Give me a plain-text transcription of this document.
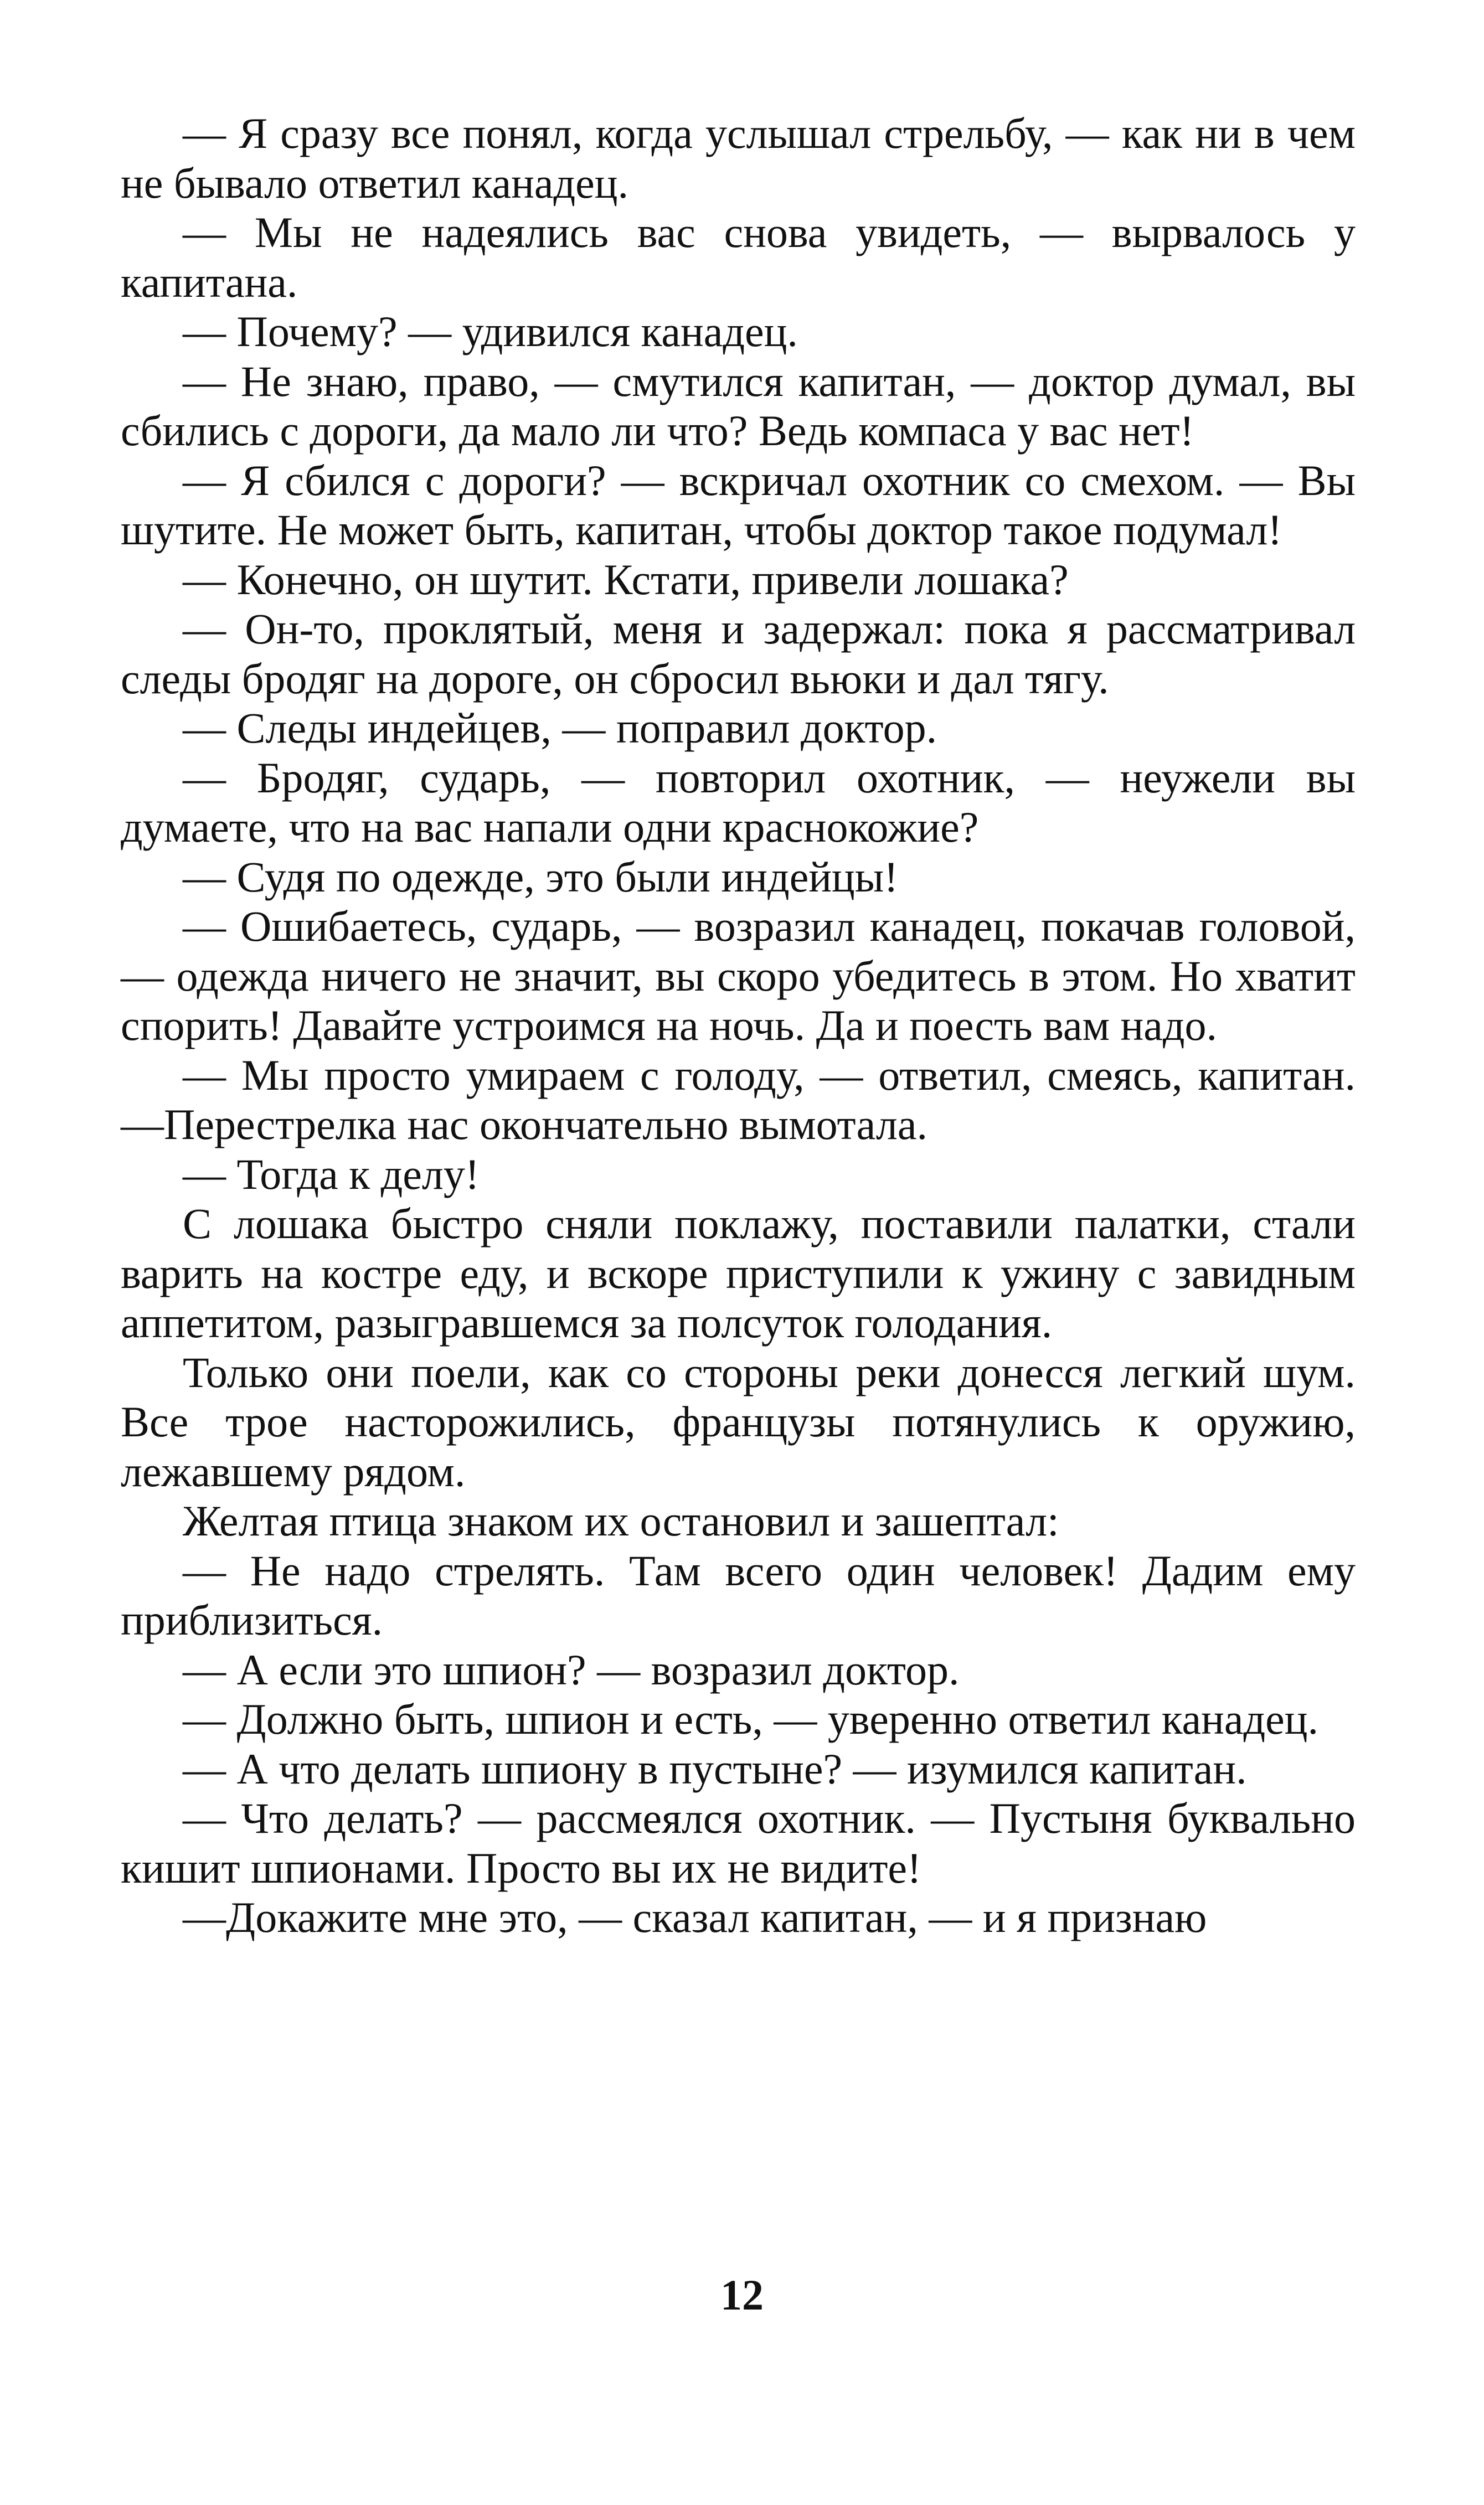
— Я сразу все понял, когда услышал стрельбу, — как ни в чем не бывало ответил канадец.

— Мы не надеялись вас снова увидеть, — вырвалось у капитана.

— Почему? — удивился канадец.

— Не знаю, право, — смутился капитан, — доктор думал, вы сбились с дороги, да мало ли что? Ведь компаса у вас нет!

— Я сбился с дороги? — вскричал охотник со смехом. — Вы шутите. Не может быть, капитан, чтобы доктор такое подумал!

— Конечно, он шутит. Кстати, привели лошака?

— Он-то, проклятый, меня и задержал: пока я рассматривал следы бродяг на дороге, он сбросил вьюки и дал тягу.

— Следы индейцев, — поправил доктор.

— Бродяг, сударь, — повторил охотник, — неужели вы думаете, что на вас напали одни краснокожие?

— Судя по одежде, это были индейцы!

— Ошибаетесь, сударь, — возразил канадец, покачав головой, — одежда ничего не значит, вы скоро убедитесь в этом. Но хватит спорить! Давайте устроимся на ночь. Да и поесть вам надо.

— Мы просто умираем с голоду, — ответил, смеясь, капитан. —Перестрелка нас окончательно вымотала.

— Тогда к делу!

С лошака быстро сняли поклажу, поставили палатки, стали варить на костре еду, и вскоре приступили к ужину с завидным аппетитом, разыгравшемся за полсуток голодания.

Только они поели, как со стороны реки донесся легкий шум. Все трое насторожились, французы потянулись к оружию, лежавшему рядом.

Желтая птица знаком их остановил и зашептал:

— Не надо стрелять. Там всего один человек! Дадим ему приблизиться.

— А если это шпион? — возразил доктор.

— Должно быть, шпион и есть, — уверенно ответил канадец.

— А что делать шпиону в пустыне? — изумился капитан.

— Что делать? — рассмеялся охотник. — Пустыня буквально кишит шпионами. Просто вы их не видите!

—Докажите мне это, — сказал капитан, — и я признаю

12
